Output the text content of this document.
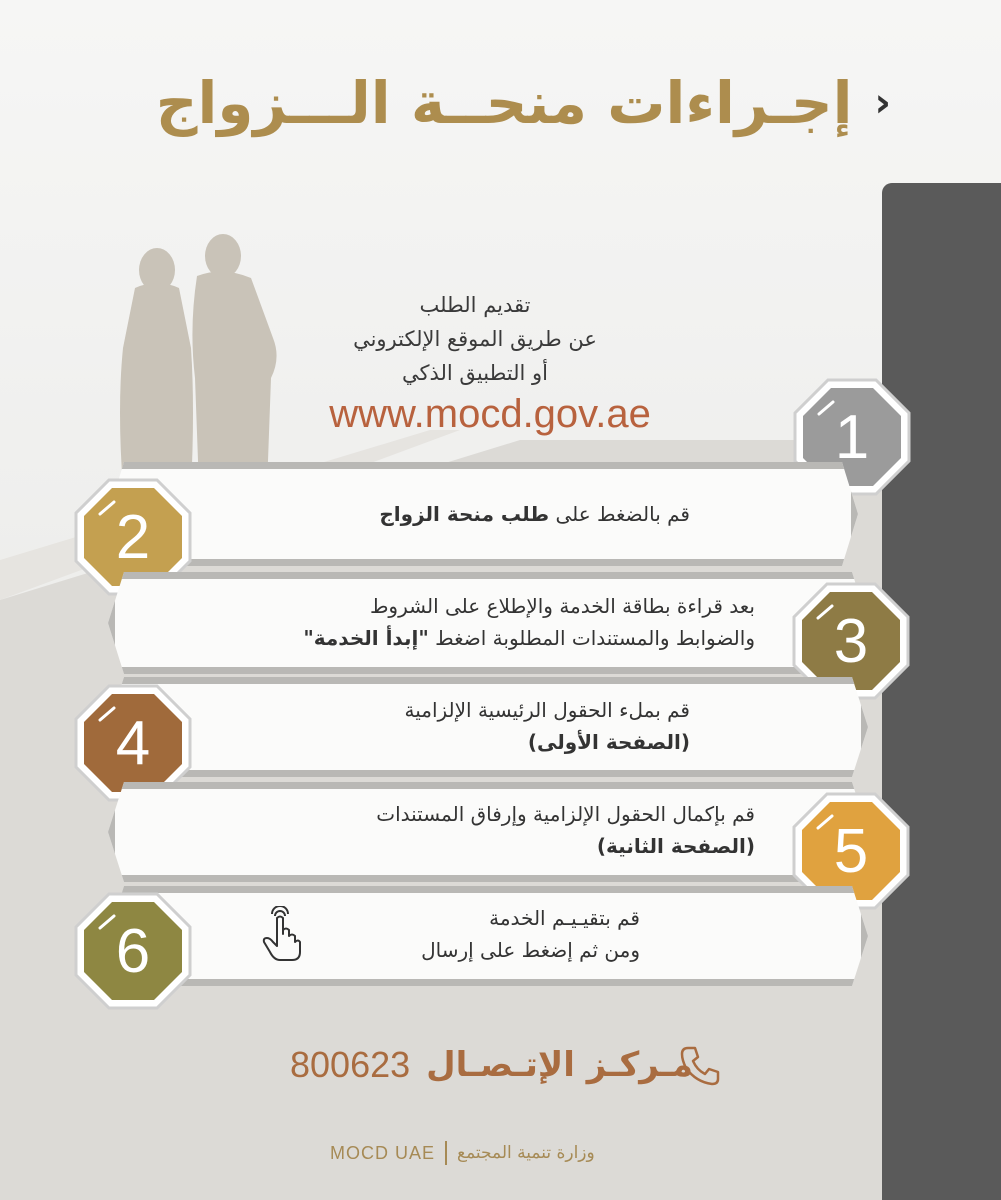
‹
إجـراءات منحــة الـــزواج
تقديم الطلب
عن طريق الموقع الإلكتروني
أو التطبيق الذكي
www.mocd.gov.ae	1
قم بالضغط على طلب منحة الزواج
2
بعد قراءة بطاقة الخدمة والإطلاع على الشروط
والضوابط والمستندات المطلوبة اضغط "إبدأ الخدمة"	3
قم بملء الحقول الرئيسية الإلزامية
(الصفحة الأولى)
4
قم بإكمال الحقول الإلزامية وإرفاق المستندات
(الصفحة الثانية)	5
قم بتقيـيـم الخدمة
ومن ثم إضغط على إرسال
6
مـركـز الإتـصـال
800623
MOCD UAE وزارة تنمية المجتمع
